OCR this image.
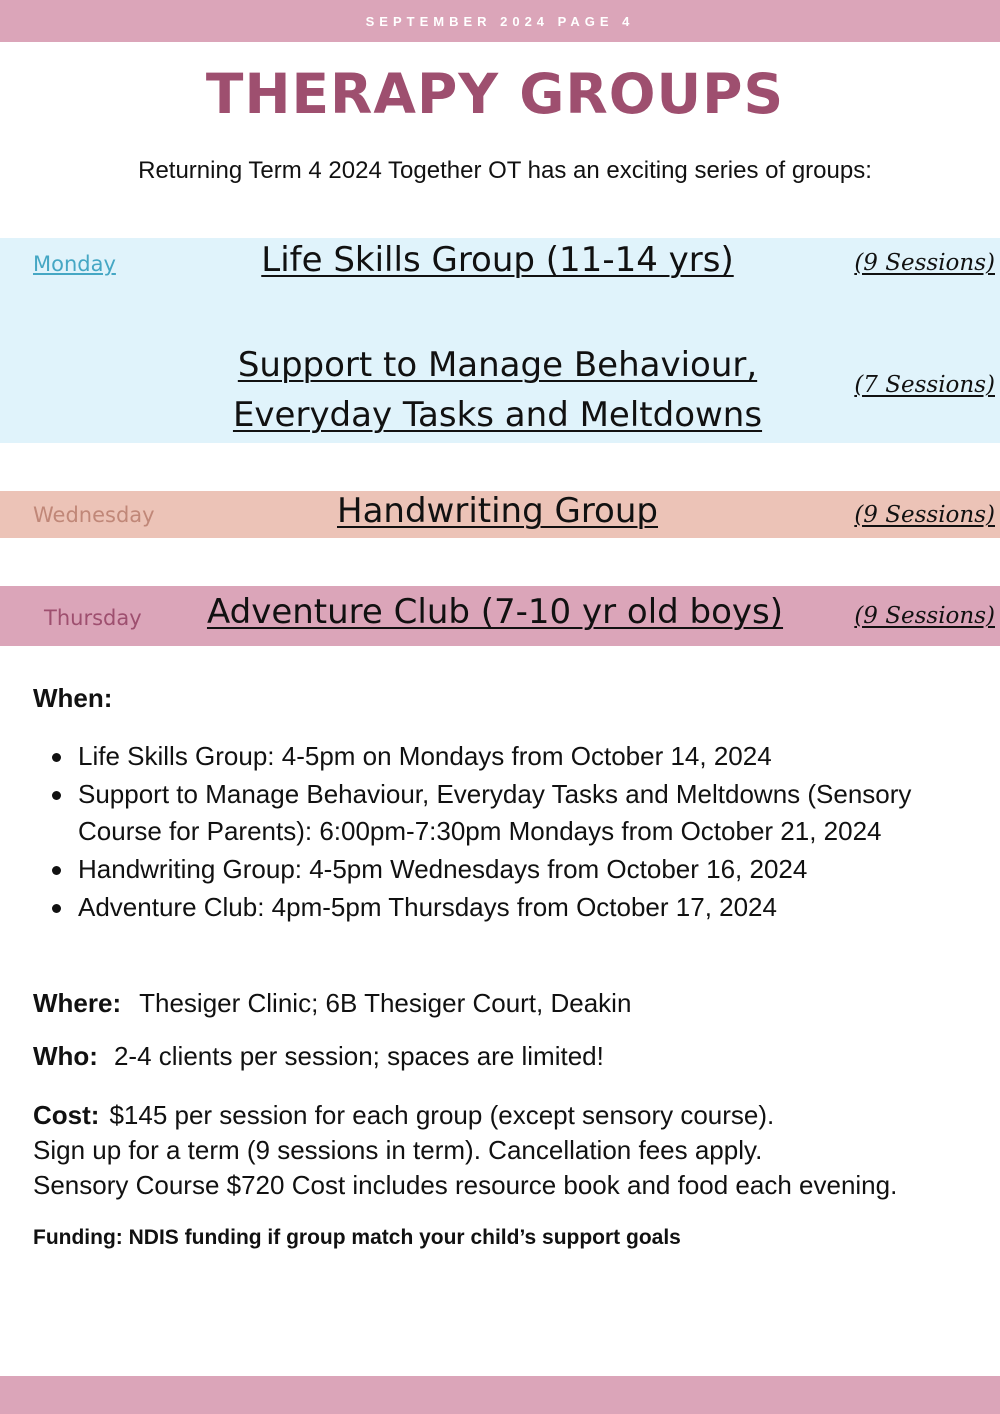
SEPTEMBER 2024 PAGE 4
THERAPY GROUPS

Returning Term 4 2024 Together OT has an exciting series of groups:

Monday
Wednesday
Thursday
Life Skills Group (11-14 yrs)
Support to Manage Behaviour,
Everyday Tasks and Meltdowns
Handwriting Group
Adventure Club (7-10 yr old boys)
(9 Sessions)
(7 Sessions)
(9 Sessions)
(9 Sessions)
When:
Life Skills Group: 4-5pm on Mondays from October 14, 2024
Support to Manage Behaviour, Everyday Tasks and Meltdowns (Sensory Course for Parents): 6:00pm-7:30pm Mondays from October 21, 2024
Handwriting Group: 4-5pm Wednesdays from October 16, 2024
Adventure Club: 4pm-5pm Thursdays from October 17, 2024

Where: Thesiger Clinic; 6B Thesiger Court, Deakin

Who: 2-4 clients per session; spaces are limited!

Cost: $145 per session for each group (except sensory course).
Sign up for a term (9 sessions in term). Cancellation fees apply.
Sensory Course $720 Cost includes resource book and food each evening.

Funding: NDIS funding if group match your child’s support goals
